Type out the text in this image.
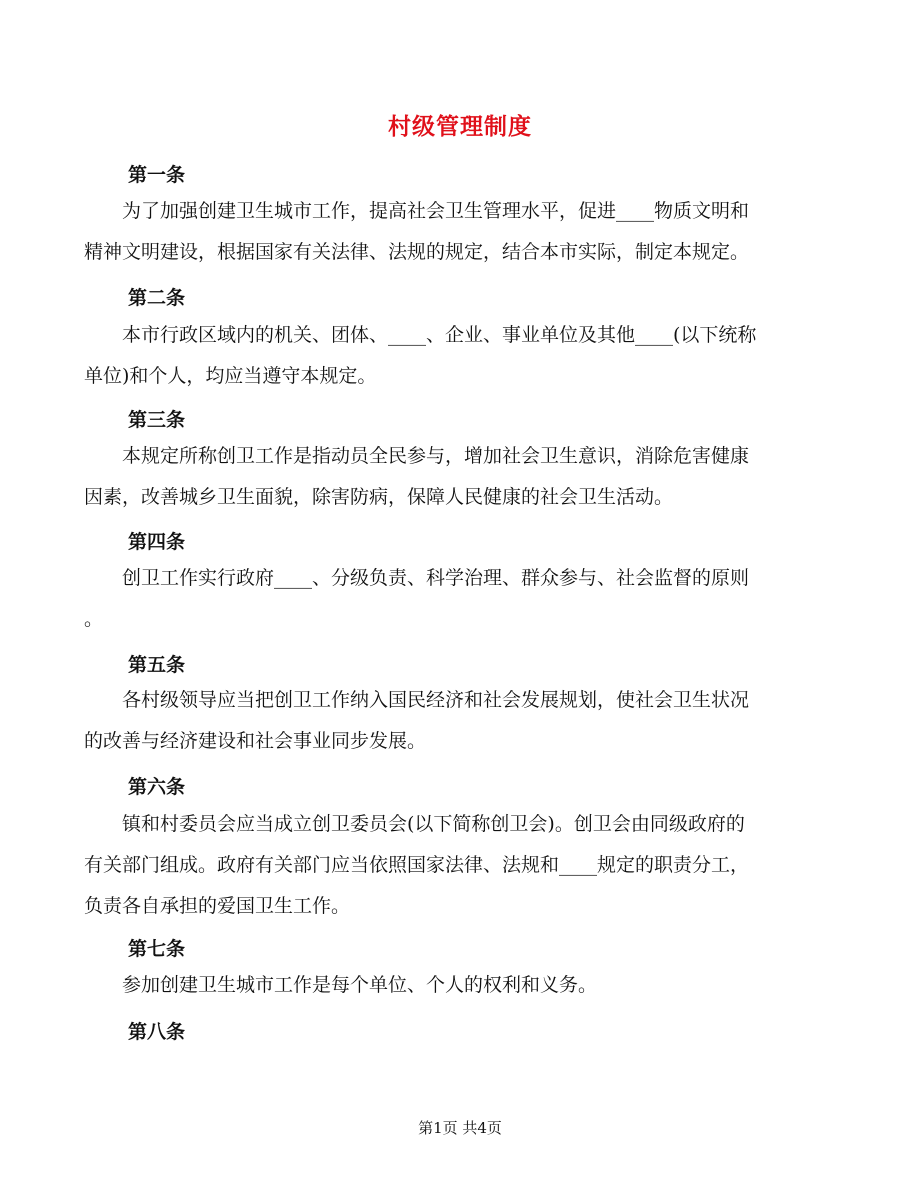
村级管理制度
第一条

为了加强创建卫生城市工作，提高社会卫生管理水平，促进____物质文明和
精神文明建设，根据国家有关法律、法规的规定，结合本市实际，制定本规定。

第二条

本市行政区域内的机关、团体、____、企业、事业单位及其他____(以下统称
单位)和个人，均应当遵守本规定。

第三条

本规定所称创卫工作是指动员全民参与，增加社会卫生意识，消除危害健康
因素，改善城乡卫生面貌，除害防病，保障人民健康的社会卫生活动。

第四条

创卫工作实行政府____、分级负责、科学治理、群众参与、社会监督的原则
。

第五条

各村级领导应当把创卫工作纳入国民经济和社会发展规划，使社会卫生状况
的改善与经济建设和社会事业同步发展。

第六条

镇和村委员会应当成立创卫委员会(以下简称创卫会)。创卫会由同级政府的
有关部门组成。政府有关部门应当依照国家法律、法规和____规定的职责分工，
负责各自承担的爱国卫生工作。

第七条

参加创建卫生城市工作是每个单位、个人的权利和义务。

第八条

第1页 共4页
